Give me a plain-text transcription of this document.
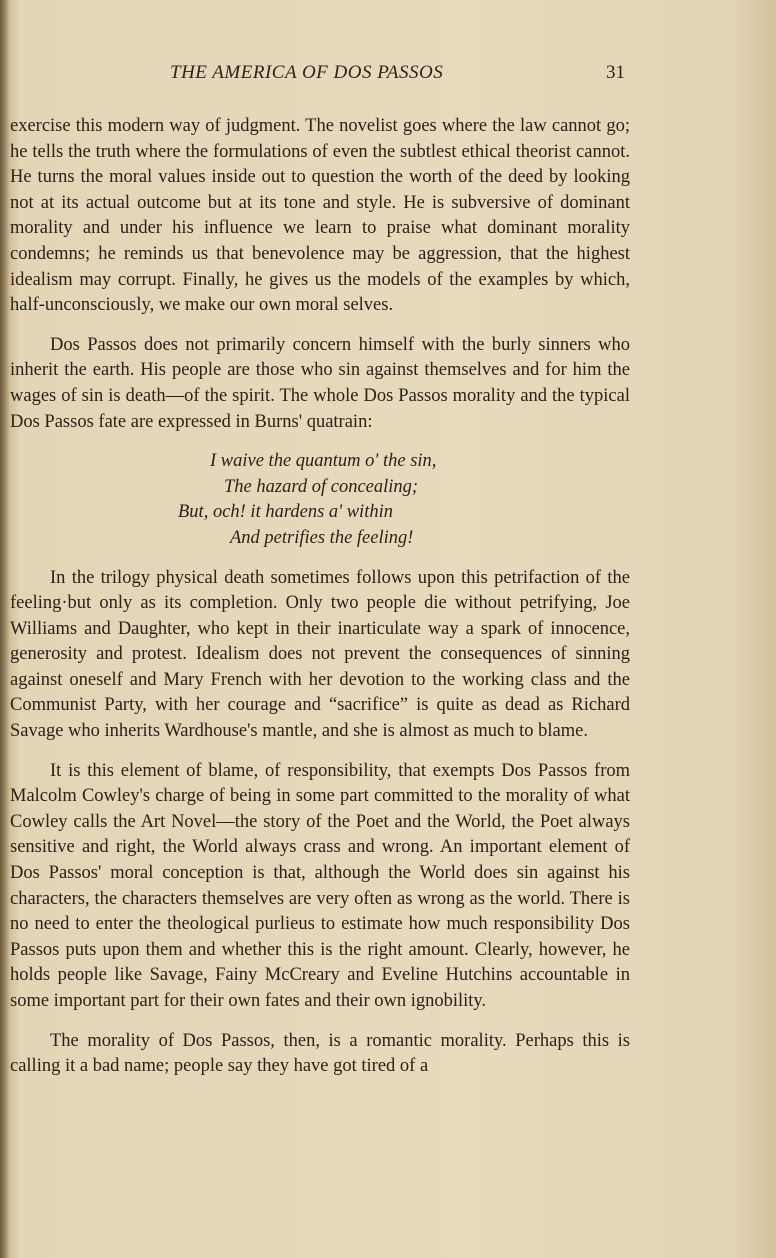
THE AMERICA OF DOS PASSOS	31

exercise this modern way of judgment. The novelist goes where the law cannot go; he tells the truth where the formulations of even the subtlest ethical theorist cannot. He turns the moral values inside out to question the worth of the deed by looking not at its actual outcome but at its tone and style. He is subversive of dominant morality and under his influence we learn to praise what dominant morality condemns; he reminds us that benevolence may be aggression, that the highest idealism may corrupt. Finally, he gives us the models of the examples by which, half-unconsciously, we make our own moral selves.

Dos Passos does not primarily concern himself with the burly sinners who inherit the earth. His people are those who sin against themselves and for him the wages of sin is death—of the spirit. The whole Dos Passos morality and the typical Dos Passos fate are expressed in Burns' quatrain:

I waive the quantum o' the sin,
The hazard of concealing;
But, och! it hardens a' within
And petrifies the feeling!

In the trilogy physical death sometimes follows upon this petrifaction of the feeling·but only as its completion. Only two people die without petrifying, Joe Williams and Daughter, who kept in their inarticulate way a spark of innocence, generosity and protest. Idealism does not prevent the consequences of sinning against oneself and Mary French with her devotion to the working class and the Communist Party, with her courage and “sacrifice” is quite as dead as Richard Savage who inherits Wardhouse's mantle, and she is almost as much to blame.

It is this element of blame, of responsibility, that exempts Dos Passos from Malcolm Cowley's charge of being in some part committed to the morality of what Cowley calls the Art Novel—the story of the Poet and the World, the Poet always sensitive and right, the World always crass and wrong. An important element of Dos Passos' moral conception is that, although the World does sin against his characters, the characters themselves are very often as wrong as the world. There is no need to enter the theological purlieus to estimate how much responsibility Dos Passos puts upon them and whether this is the right amount. Clearly, however, he holds people like Savage, Fainy McCreary and Eveline Hutchins accountable in some important part for their own fates and their own ignobility.

The morality of Dos Passos, then, is a romantic morality. Perhaps this is calling it a bad name; people say they have got tired of a
